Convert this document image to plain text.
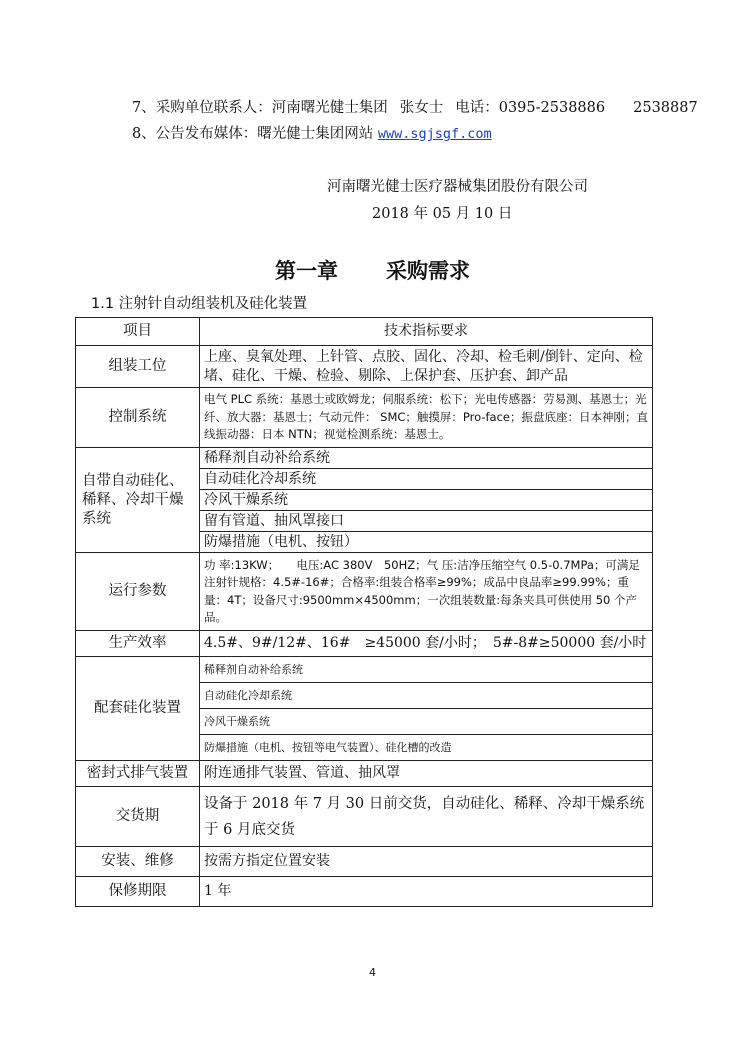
7、采购单位联系人：河南曙光健士集团 张女士 电话：0395-2538886 2538887
8、公告发布媒体：曙光健士集团网站 www.sgjsgf.com
河南曙光健士医疗器械集团股份有限公司
2018 年 05 月 10 日
第一章 采购需求
1.1 注射针自动组装机及硅化装置
项目	技术指标要求
组装工位	上座、臭氧处理、上针管、点胶、固化、冷却、检毛刺/倒针、定向、检堵、硅化、干燥、检验、剔除、上保护套、压护套、卸产品
控制系统	电气 PLC 系统：基恩士或欧姆龙；伺服系统：松下；光电传感器：劳易测、基恩士；光纤、放大器：基恩士；气动元件： SMC；触摸屏：Pro-face；振盘底座：日本神刚；直线振动器：日本 NTN；视觉检测系统：基恩士。
自带自动硅化、稀释、冷却干燥系统	稀释剂自动补给系统
	自动硅化冷却系统
	冷风干燥系统
	留有管道、抽风罩接口
	防爆措施（电机、按钮）
运行参数	功 率:13KW；　　电压:AC 380V　50HZ；气 压:洁净压缩空气 0.5-0.7MPa；可满足注射针规格：4.5#-16#；合格率:组装合格率≥99%；成品中良品率≥99.99%；重 量：4T；设备尺寸:9500mm×4500mm；一次组装数量:每条夹具可供使用 50 个产品。
生产效率	4.5#、9#/12#、16#　≥45000 套/小时；　5#-8#≥50000 套/小时
配套硅化装置	稀释剂自动补给系统
	自动硅化冷却系统
	冷风干燥系统
	防爆措施（电机、按钮等电气装置）、硅化槽的改造
密封式排气装置	附连通排气装置、管道、抽风罩
交货期	设备于 2018 年 7 月 30 日前交货，自动硅化、稀释、冷却干燥系统于 6 月底交货
安装、维修	按需方指定位置安装
保修期限	1 年
4
